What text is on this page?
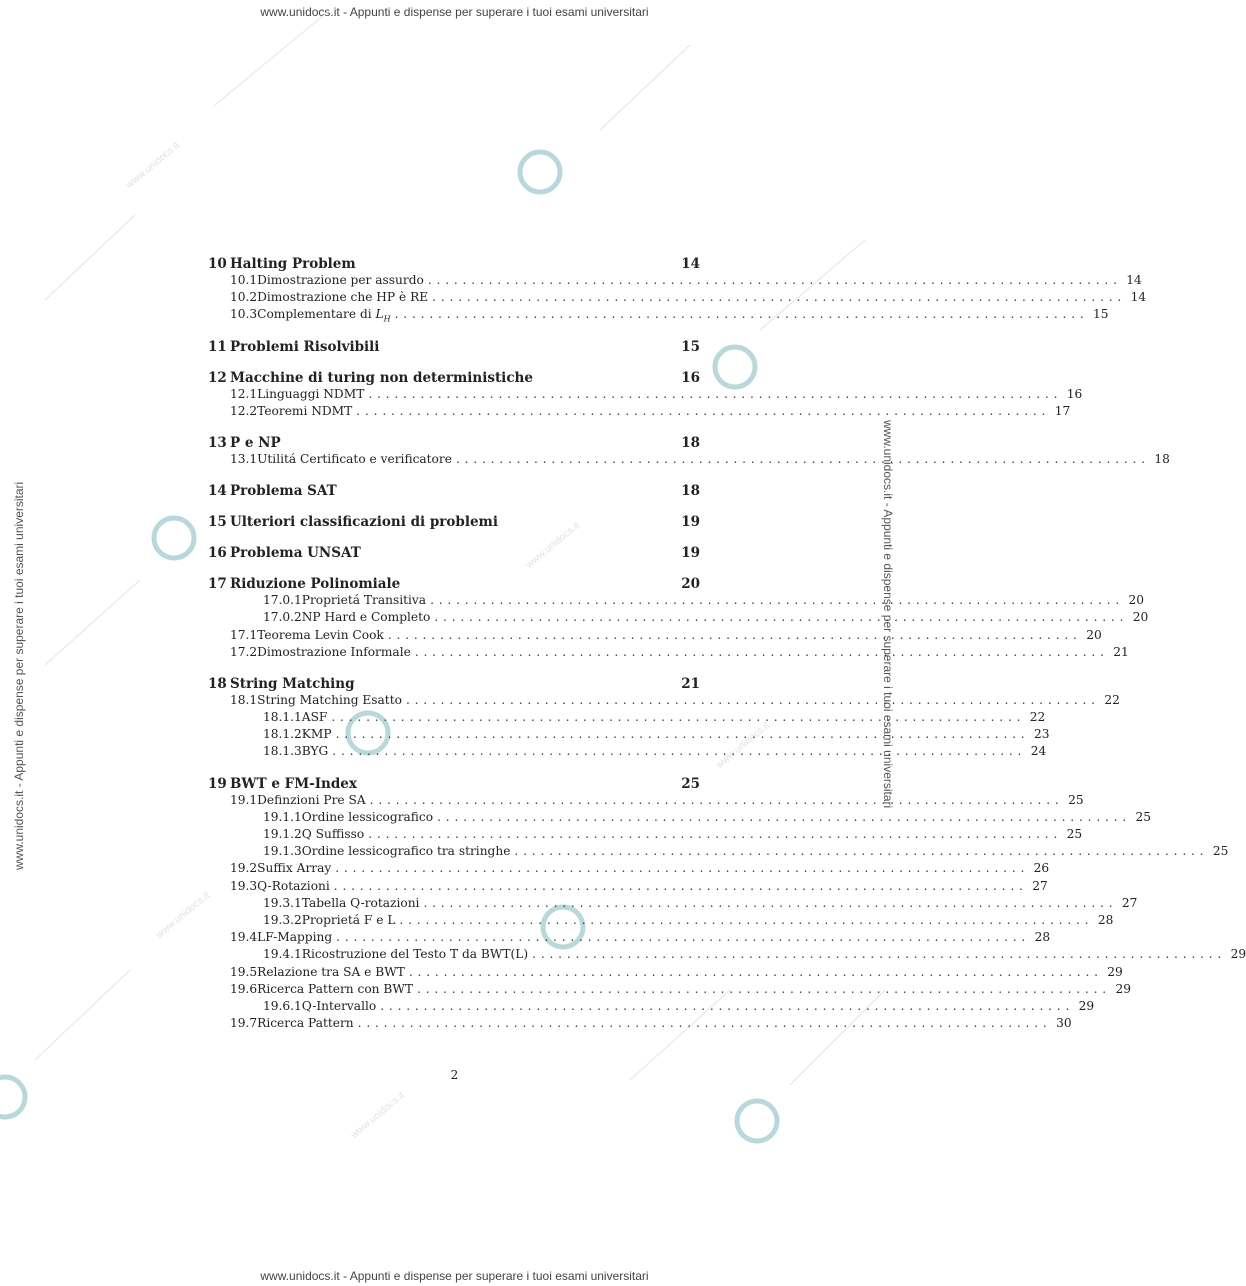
www.unidocs.it - Appunti e dispense per superare i tuoi esami universitari
www.unidocs.it - Appunti e dispense per superare i tuoi esami universitari
www.unidocs.it - Appunti e dispense per superare i tuoi esami universitari	www.unidocs.it - Appunti e dispense per superare i tuoi esami universitari
www.unidocs.it
www.unidocs.it
www.unidocs.it
www.unidocs.it
www.unidocs.it
10 Halting Problem	14
10.1 Dimostrazione per assurdo ................................................................................ 14
10.2 Dimostrazione che HP è RE ................................................................................ 14
10.3 Complementare di $L_H$ ................................................................................ 15
11 Problemi Risolvibili	15
12 Macchine di turing non deterministiche	16
12.1 Linguaggi NDMT ................................................................................ 16
12.2 Teoremi NDMT ................................................................................ 17
13 P e NP	18
13.1 Utilitá Certificato e verificatore ................................................................................ 18
14 Problema SAT	18
15 Ulteriori classificazioni di problemi	19
16 Problema UNSAT	19
17 Riduzione Polinomiale	20
17.0.1 Proprietá Transitiva ................................................................................ 20
17.0.2 NP Hard e Completo ................................................................................ 20
17.1 Teorema Levin Cook ................................................................................ 20
17.2 Dimostrazione Informale ................................................................................ 21
18 String Matching	21
18.1 String Matching Esatto ................................................................................ 22
18.1.1 ASF ................................................................................ 22
18.1.2 KMP ................................................................................ 23
18.1.3 BYG ................................................................................ 24
19 BWT e FM-Index	25
19.1 Definzioni Pre SA ................................................................................ 25
19.1.1 Ordine lessicografico ................................................................................ 25
19.1.2 Q Suffisso ................................................................................ 25
19.1.3 Ordine lessicografico tra stringhe ................................................................................ 25
19.2 Suffix Array ................................................................................ 26
19.3 Q-Rotazioni ................................................................................ 27
19.3.1 Tabella Q-rotazioni ................................................................................ 27
19.3.2 Proprietá F e L ................................................................................ 28
19.4 LF-Mapping ................................................................................ 28
19.4.1 Ricostruzione del Testo T da BWT(L) ................................................................................ 29
19.5 Relazione tra SA e BWT ................................................................................ 29
19.6 Ricerca Pattern con BWT ................................................................................ 29
19.6.1 Q-Intervallo ................................................................................ 29
19.7 Ricerca Pattern ................................................................................ 30
2
